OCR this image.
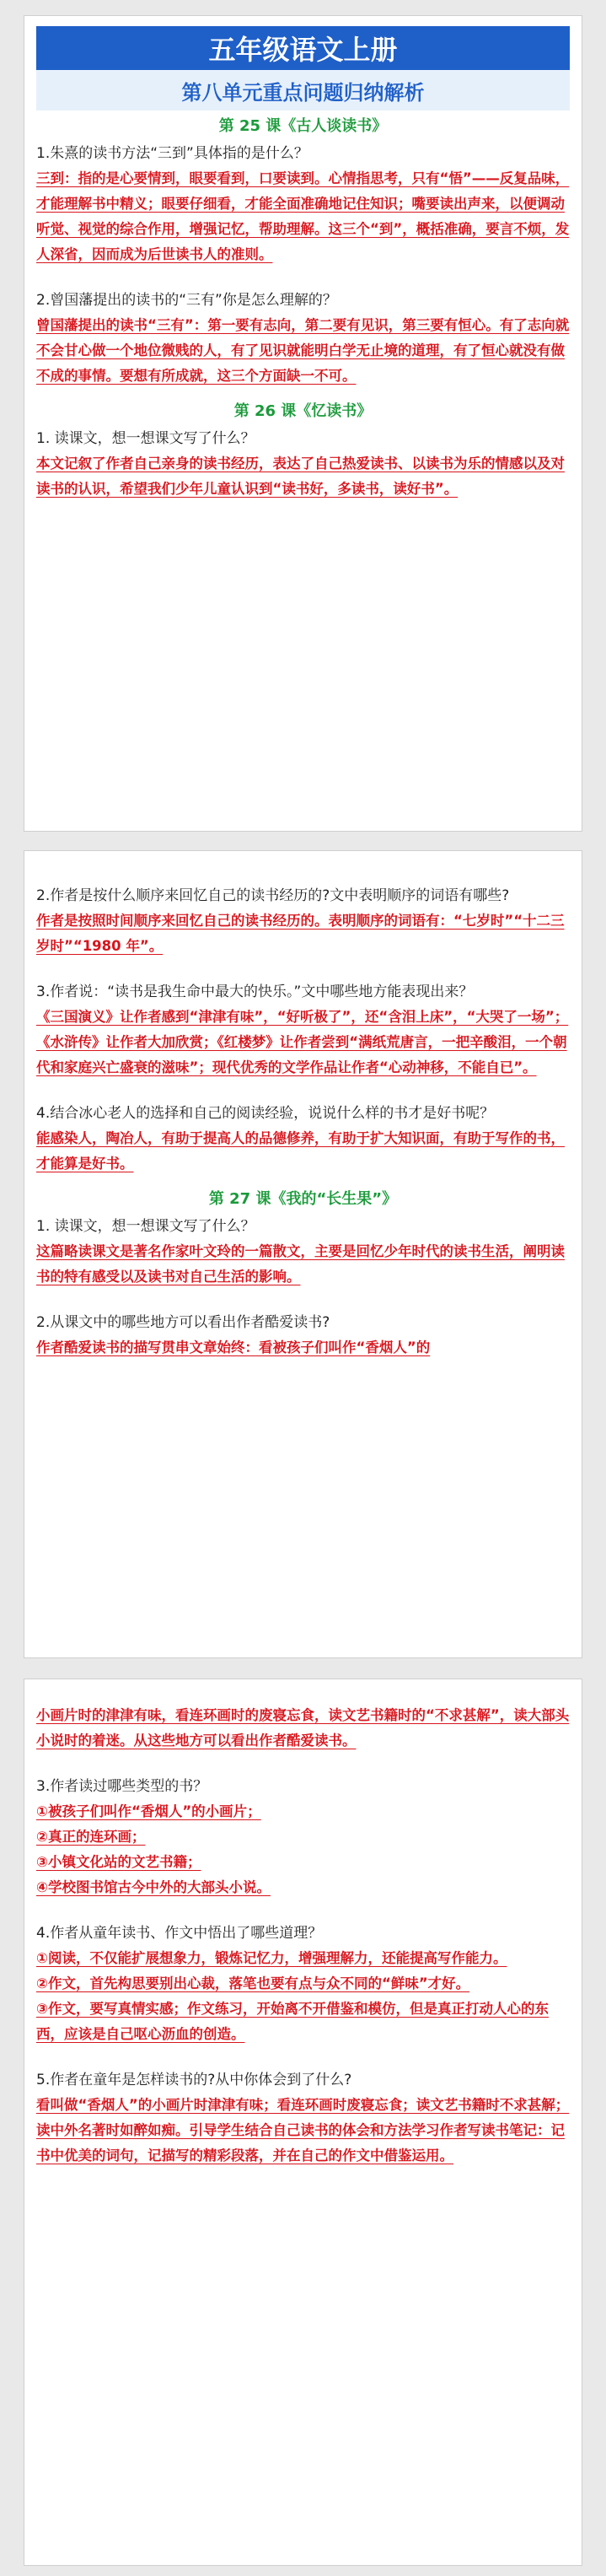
五年级语文上册
第八单元重点问题归纳解析
第 25 课《古人谈读书》

1.朱熹的读书方法“三到”具体指的是什么？

三到：指的是心要情到，眼要看到，口要读到。心情指思考，只有“悟”——反复品味，才能理解书中精义；眼要仔细看，才能全面准确地记住知识；嘴要读出声来，以便调动听觉、视觉的综合作用，增强记忆，帮助理解。这三个“到”，概括准确，要言不烦，发人深省，因而成为后世读书人的准则。

2.曾国藩提出的读书的“三有”你是怎么理解的？

曾国藩提出的读书“三有”：第一要有志向，第二要有见识，第三要有恒心。有了志向就不会甘心做一个地位微贱的人，有了见识就能明白学无止境的道理，有了恒心就没有做不成的事情。要想有所成就，这三个方面缺一不可。

第 26 课《忆读书》

1. 读课文，想一想课文写了什么？

本文记叙了作者自己亲身的读书经历，表达了自己热爱读书、以读书为乐的情感以及对读书的认识，希望我们少年儿童认识到“读书好，多读书，读好书”。

2.作者是按什么顺序来回忆自己的读书经历的?文中表明顺序的词语有哪些?

作者是按照时间顺序来回忆自己的读书经历的。表明顺序的词语有：“七岁时”“十二三岁时”“1980 年”。

3.作者说：“读书是我生命中最大的快乐。”文中哪些地方能表现出来？

《三国演义》让作者感到“津津有味”，“好听极了”，还“含泪上床”，“大哭了一场”；《水浒传》让作者大加欣赏；《红楼梦》让作者尝到“满纸荒唐言，一把辛酸泪，一个朝代和家庭兴亡盛衰的滋味”；现代优秀的文学作品让作者“心动神移，不能自已”。

4.结合冰心老人的选择和自己的阅读经验，说说什么样的书才是好书呢？

能感染人，陶冶人，有助于提高人的品德修养，有助于扩大知识面，有助于写作的书，才能算是好书。

第 27 课《我的“长生果”》

1. 读课文，想一想课文写了什么？

这篇略读课文是著名作家叶文玲的一篇散文，主要是回忆少年时代的读书生活，阐明读书的特有感受以及读书对自己生活的影响。

2.从课文中的哪些地方可以看出作者酷爱读书?

作者酷爱读书的描写贯串文章始终：看被孩子们叫作“香烟人”的

小画片时的津津有味，看连环画时的废寝忘食，读文艺书籍时的“不求甚解”，读大部头小说时的着迷。从这些地方可以看出作者酷爱读书。

3.作者读过哪些类型的书？

①被孩子们叫作“香烟人”的小画片；

②真正的连环画；

③小镇文化站的文艺书籍；

④学校图书馆古今中外的大部头小说。

4.作者从童年读书、作文中悟出了哪些道理？

①阅读，不仅能扩展想象力，锻炼记忆力，增强理解力，还能提高写作能力。

②作文，首先构思要别出心裁，落笔也要有点与众不同的“鲜味”才好。

③作文，要写真情实感；作文练习，开始离不开借鉴和模仿，但是真正打动人心的东西，应该是自己呕心沥血的创造。

5.作者在童年是怎样读书的?从中你体会到了什么?

看叫做“香烟人”的小画片时津津有味；看连环画时废寝忘食；读文艺书籍时不求甚解；读中外名著时如醉如痴。引导学生结合自己读书的体会和方法学习作者写读书笔记：记书中优美的词句，记描写的精彩段落，并在自己的作文中借鉴运用。
